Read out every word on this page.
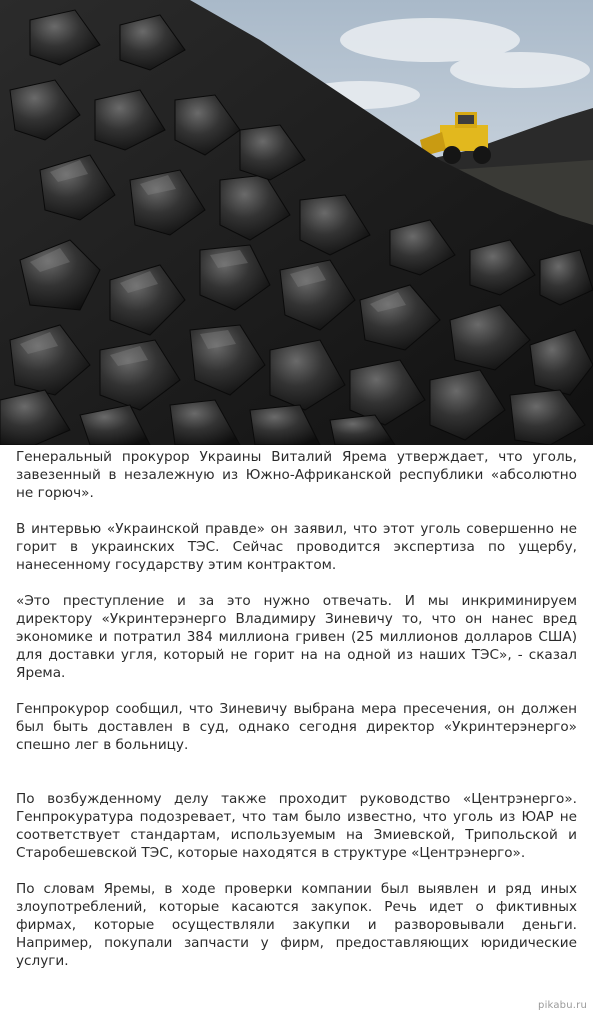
Генеральный прокурор Украины Виталий Ярема утверждает, что уголь, завезенный в незалежную из Южно-Африканской республики «абсолютно не горюч».

В интервью «Украинской правде» он заявил, что этот уголь совершенно не горит в украинских ТЭС. Сейчас проводится экспертиза по ущербу, нанесенному государству этим контрактом.

«Это преступление и за это нужно отвечать. И мы инкриминируем директору «Укринтерэнерго Владимиру Зиневичу то, что он нанес вред экономике и потратил 384 миллиона гривен (25 миллионов долларов США) для доставки угля, который не горит на на одной из наших ТЭС», - сказал Ярема.

Генпрокурор сообщил, что Зиневичу выбрана мера пресечения, он должен был быть доставлен в суд, однако сегодня директор «Укринтерэнерго» спешно лег в больницу.

По возбужденному делу также проходит руководство «Центрэнерго». Генпрокуратура подозревает, что там было известно, что уголь из ЮАР не соответствует стандартам, используемым на Змиевской, Трипольской и Старобешевской ТЭС, которые находятся в структуре «Центрэнерго».

По словам Яремы, в ходе проверки компании был выявлен и ряд иных злоупотреблений, которые касаются закупок. Речь идет о фиктивных фирмах, которые осуществляли закупки и разворовывали деньги. Например, покупали запчасти у фирм, предоставляющих юридические услуги.

pikabu.ru
